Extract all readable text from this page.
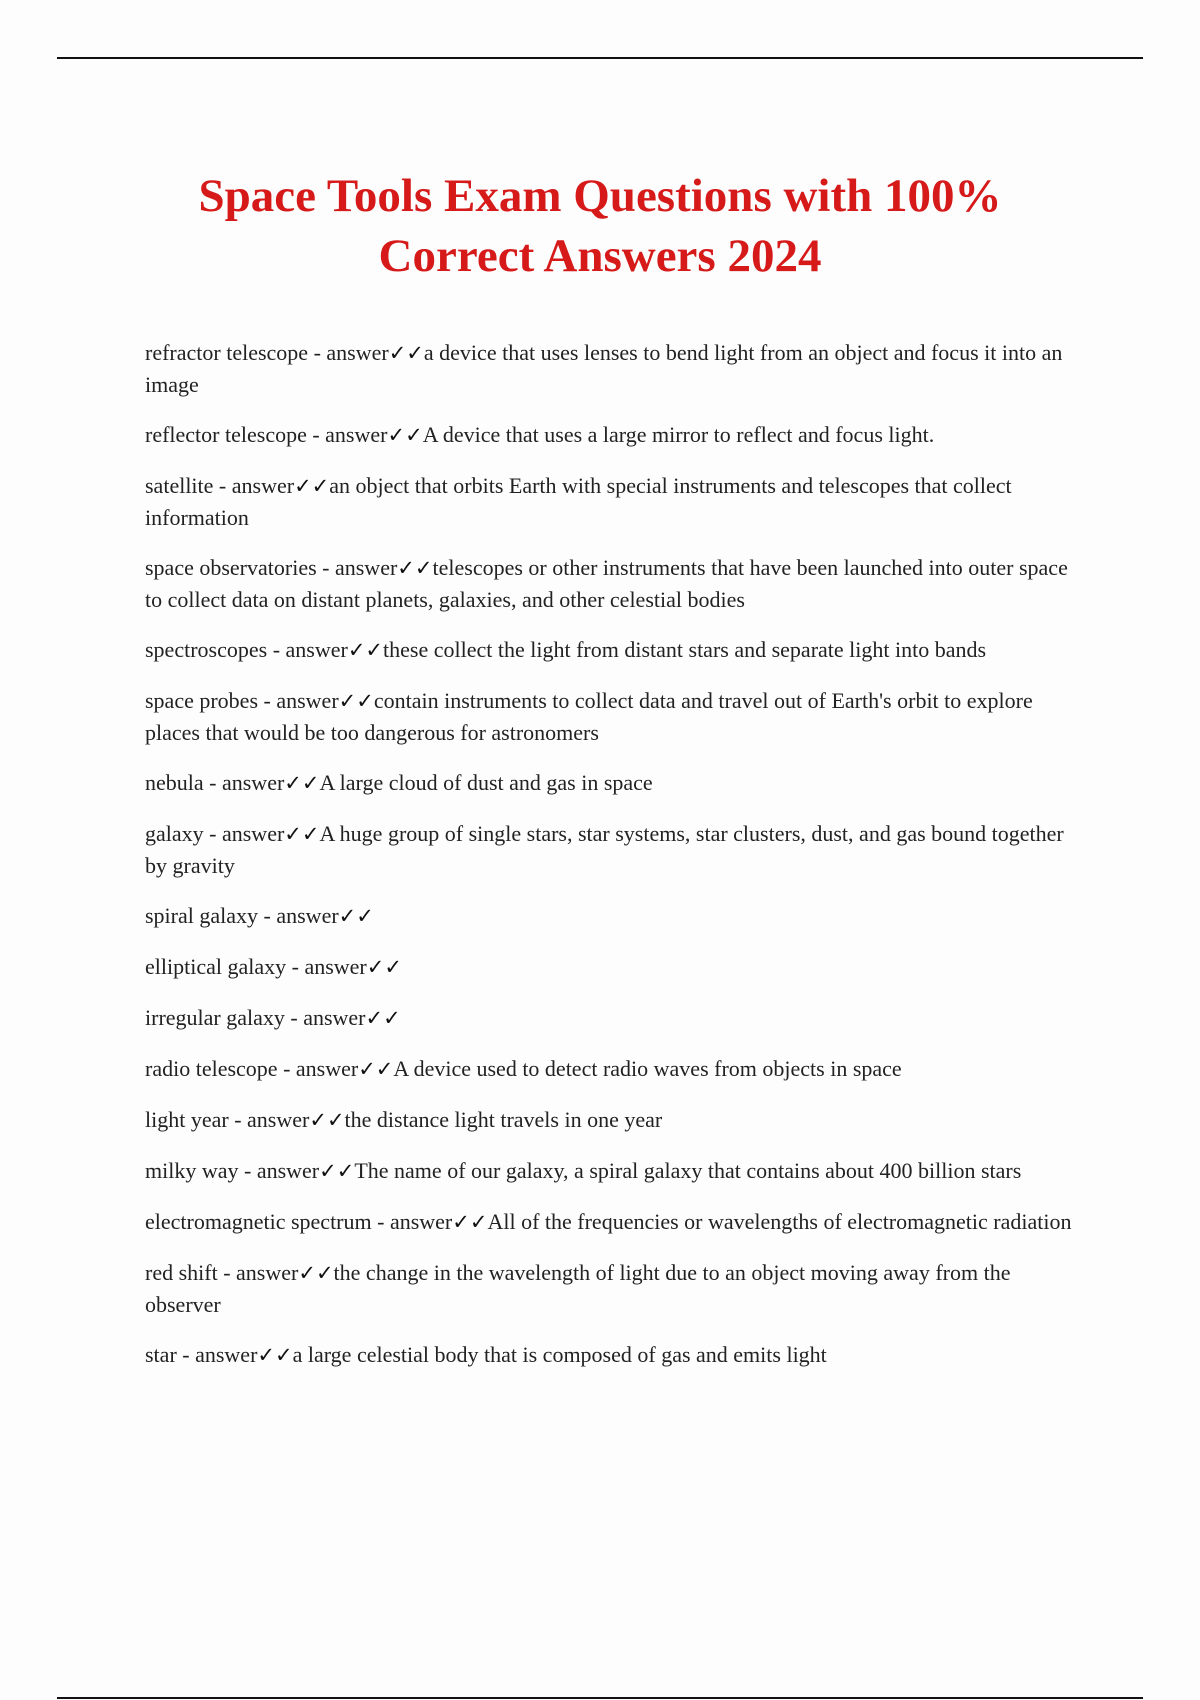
Space Tools Exam Questions with 100%
Correct Answers 2024
refractor telescope - answer✓✓a device that uses lenses to bend light from an object and focus it into an image
reflector telescope - answer✓✓A device that uses a large mirror to reflect and focus light.
satellite - answer✓✓an object that orbits Earth with special instruments and telescopes that collect information
space observatories - answer✓✓telescopes or other instruments that have been launched into outer space to collect data on distant planets, galaxies, and other celestial bodies
spectroscopes - answer✓✓these collect the light from distant stars and separate light into bands
space probes - answer✓✓contain instruments to collect data and travel out of Earth's orbit to explore places that would be too dangerous for astronomers
nebula - answer✓✓A large cloud of dust and gas in space
galaxy - answer✓✓A huge group of single stars, star systems, star clusters, dust, and gas bound together by gravity
spiral galaxy - answer✓✓
elliptical galaxy - answer✓✓
irregular galaxy - answer✓✓
radio telescope - answer✓✓A device used to detect radio waves from objects in space
light year - answer✓✓the distance light travels in one year
milky way - answer✓✓The name of our galaxy, a spiral galaxy that contains about 400 billion stars
electromagnetic spectrum - answer✓✓All of the frequencies or wavelengths of electromagnetic radiation
red shift - answer✓✓the change in the wavelength of light due to an object moving away from the observer
star - answer✓✓a large celestial body that is composed of gas and emits light
